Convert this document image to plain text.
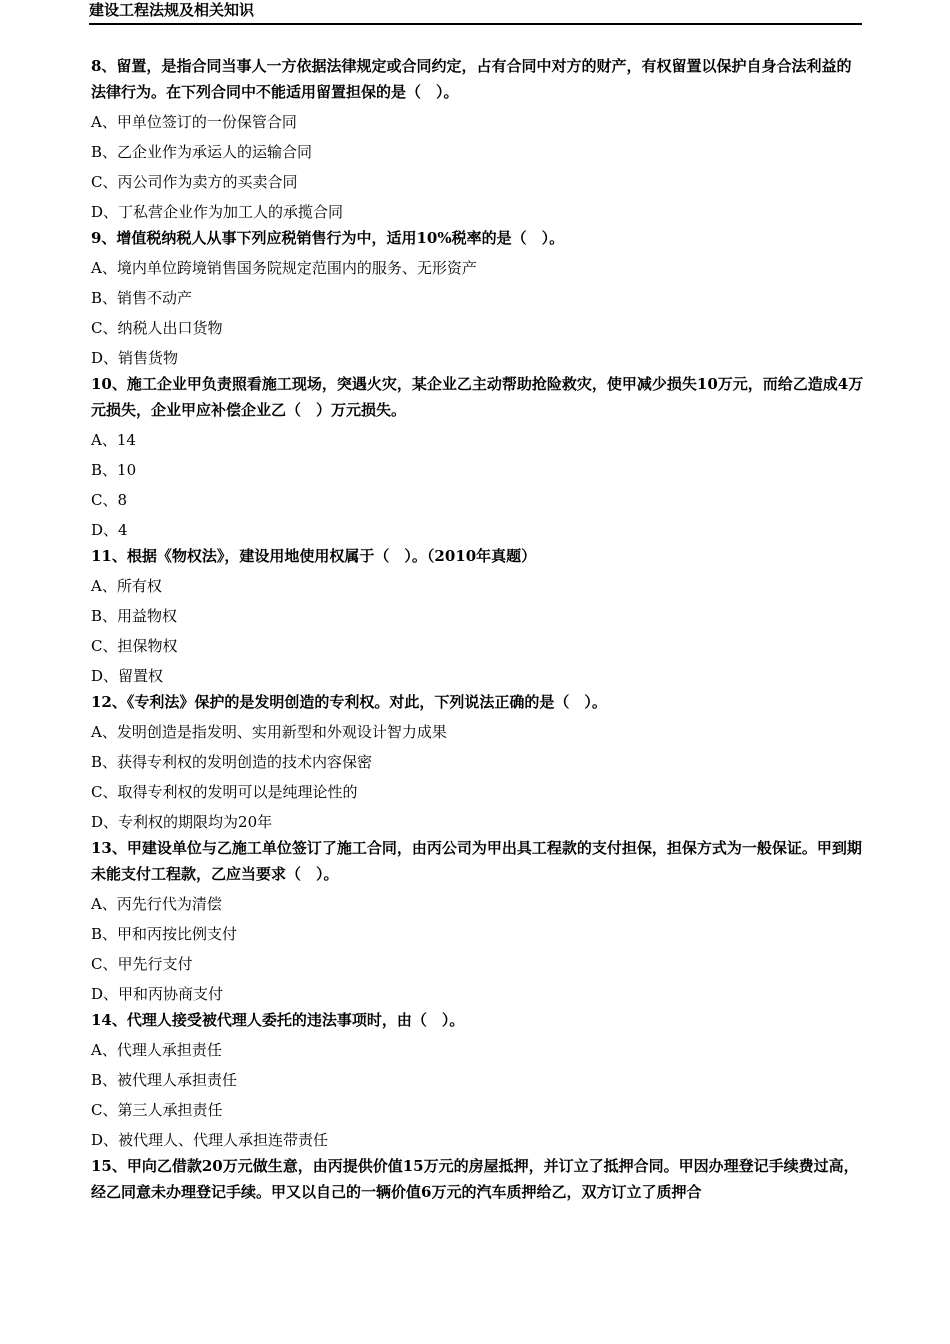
建设工程法规及相关知识

8、留置，是指合同当事人一方依据法律规定或合同约定，占有合同中对方的财产，有权留置以保护自身合法利益的法律行为。在下列合同中不能适用留置担保的是（　）。

A、甲单位签订的一份保管合同

B、乙企业作为承运人的运输合同

C、丙公司作为卖方的买卖合同

D、丁私营企业作为加工人的承揽合同

9、增值税纳税人从事下列应税销售行为中，适用10%税率的是（　）。

A、境内单位跨境销售国务院规定范围内的服务、无形资产

B、销售不动产

C、纳税人出口货物

D、销售货物

10、施工企业甲负责照看施工现场，突遇火灾，某企业乙主动帮助抢险救灾，使甲减少损失10万元，而给乙造成4万元损失，企业甲应补偿企业乙（　）万元损失。

A、14

B、10

C、8

D、4

11、根据《物权法》，建设用地使用权属于（　）。（2010年真题）

A、所有权

B、用益物权

C、担保物权

D、留置权

12、《专利法》保护的是发明创造的专利权。对此，下列说法正确的是（　）。

A、发明创造是指发明、实用新型和外观设计智力成果

B、获得专利权的发明创造的技术内容保密

C、取得专利权的发明可以是纯理论性的

D、专利权的期限均为20年

13、甲建设单位与乙施工单位签订了施工合同，由丙公司为甲出具工程款的支付担保，担保方式为一般保证。甲到期未能支付工程款，乙应当要求（　）。

A、丙先行代为清偿

B、甲和丙按比例支付

C、甲先行支付

D、甲和丙协商支付

14、代理人接受被代理人委托的违法事项时，由（　）。

A、代理人承担责任

B、被代理人承担责任

C、第三人承担责任

D、被代理人、代理人承担连带责任

15、甲向乙借款20万元做生意，由丙提供价值15万元的房屋抵押，并订立了抵押合同。甲因办理登记手续费过高，经乙同意未办理登记手续。甲又以自己的一辆价值6万元的汽车质押给乙，双方订立了质押合
